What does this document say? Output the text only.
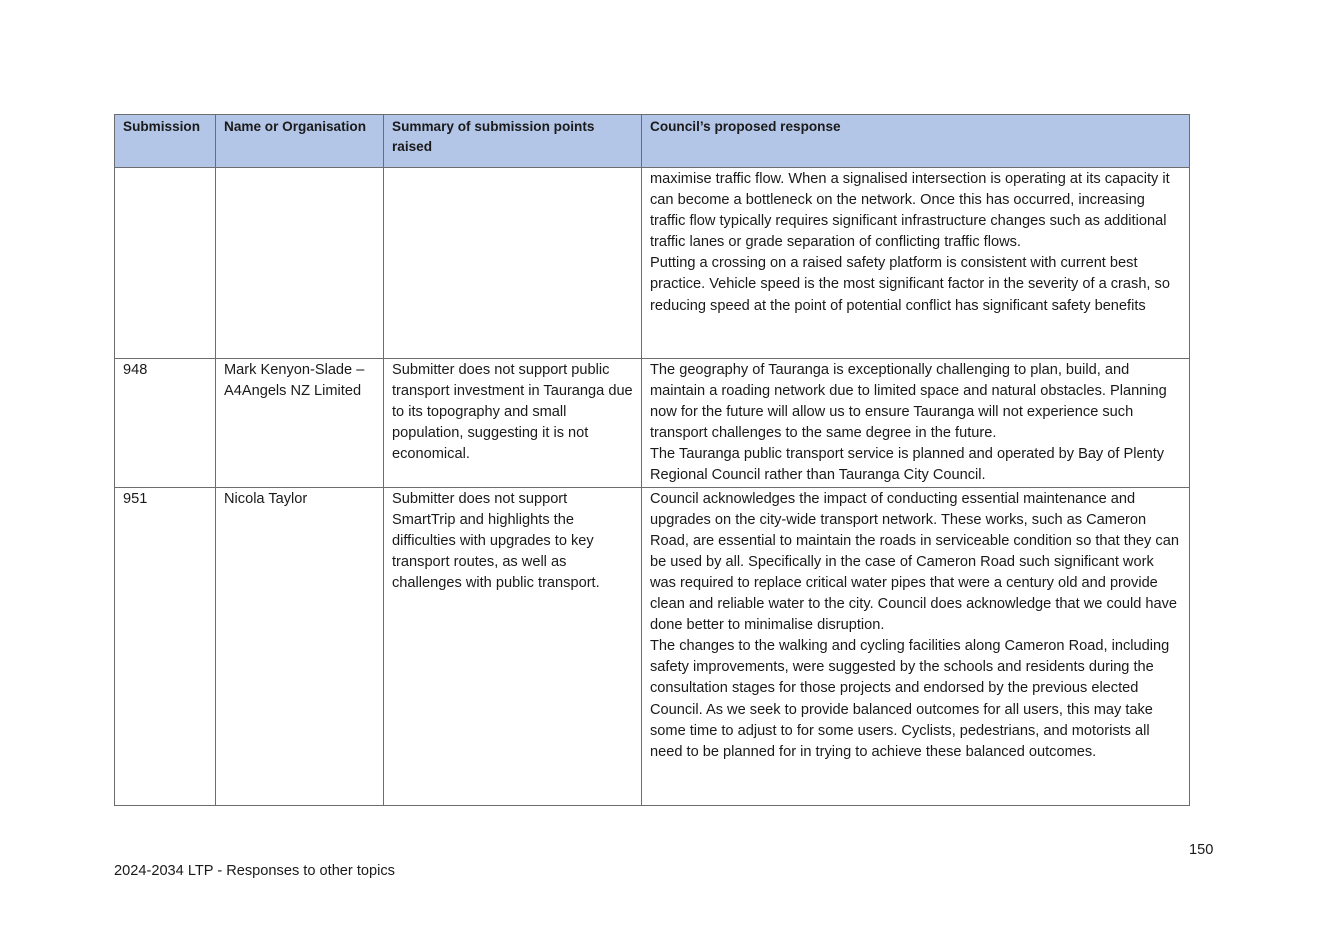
Submission	Name or Organisation	Summary of submission points raised	Council’s proposed response

			maximise traffic flow. When a signalised intersection is operating at its capacity it can become a bottleneck on the network. Once this has occurred, increasing traffic flow typically requires significant infrastructure changes such as additional traffic lanes or grade separation of conflicting traffic flows.
Putting a crossing on a raised safety platform is consistent with current best practice. Vehicle speed is the most significant factor in the severity of a crash, so reducing speed at the point of potential conflict has significant safety benefits

948	Mark Kenyon-Slade – A4Angels NZ Limited	Submitter does not support public transport investment in Tauranga due to its topography and small population, suggesting it is not economical.	The geography of Tauranga is exceptionally challenging to plan, build, and maintain a roading network due to limited space and natural obstacles. Planning now for the future will allow us to ensure Tauranga will not experience such transport challenges to the same degree in the future.
The Tauranga public transport service is planned and operated by Bay of Plenty Regional Council rather than Tauranga City Council.

951	Nicola Taylor	Submitter does not support SmartTrip and highlights the difficulties with upgrades to key transport routes, as well as challenges with public transport.	Council acknowledges the impact of conducting essential maintenance and upgrades on the city-wide transport network. These works, such as Cameron Road, are essential to maintain the roads in serviceable condition so that they can be used by all. Specifically in the case of Cameron Road such significant work was required to replace critical water pipes that were a century old and provide clean and reliable water to the city. Council does acknowledge that we could have done better to minimalise disruption.
The changes to the walking and cycling facilities along Cameron Road, including safety improvements, were suggested by the schools and residents during the consultation stages for those projects and endorsed by the previous elected Council. As we seek to provide balanced outcomes for all users, this may take some time to adjust to for some users. Cyclists, pedestrians, and motorists all need to be planned for in trying to achieve these balanced outcomes.
150
2024-2034 LTP - Responses to other topics
